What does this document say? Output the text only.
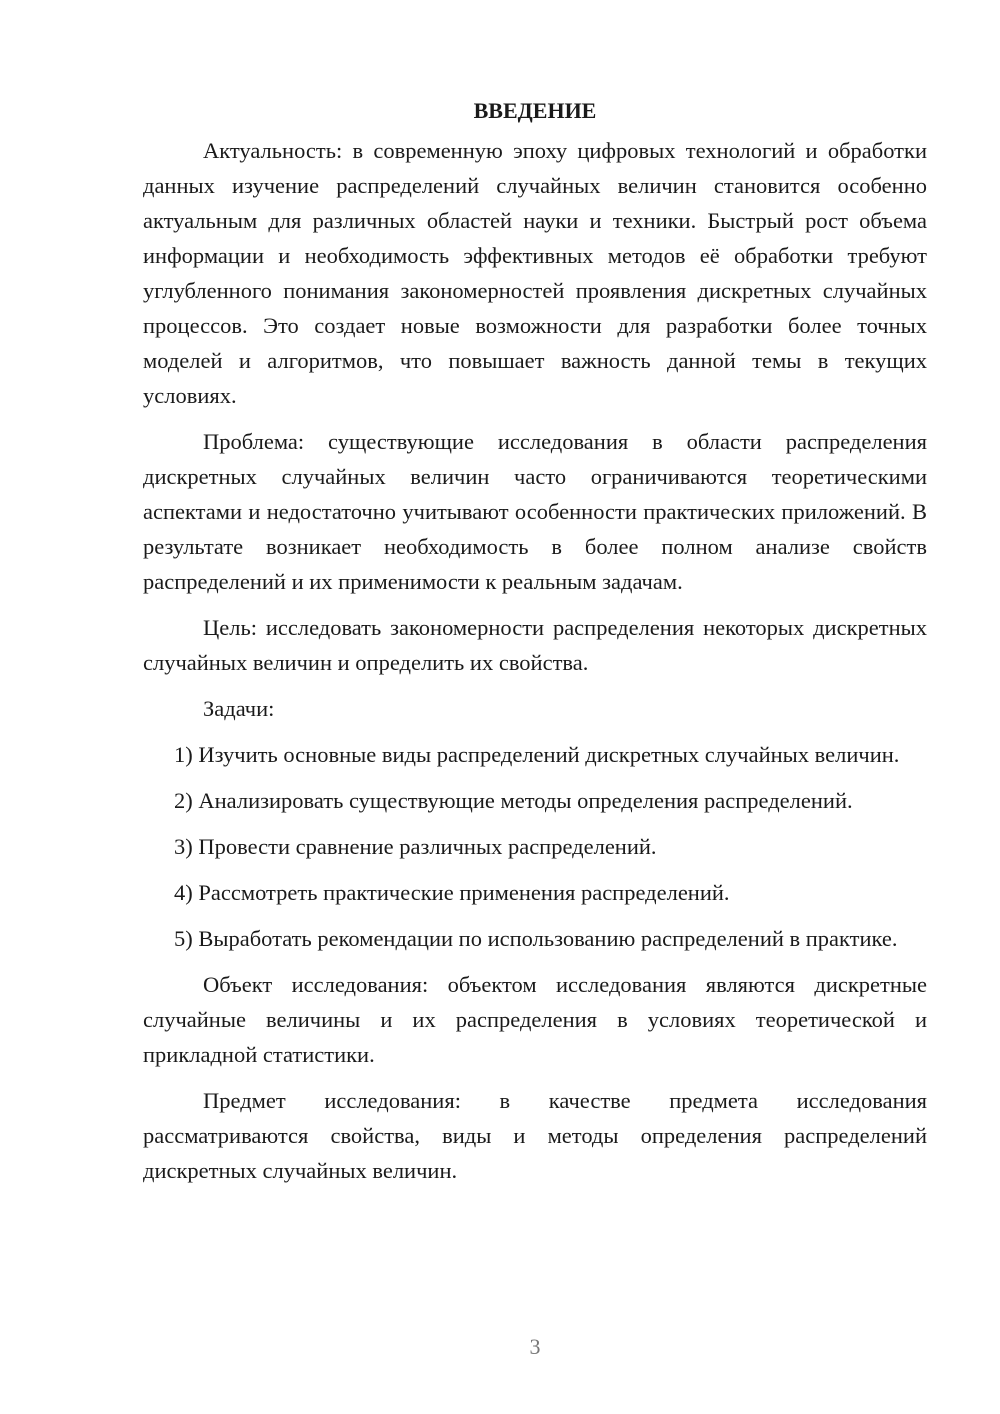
ВВЕДЕНИЕ

Актуальность: в современную эпоху цифровых технологий и обработки данных изучение распределений случайных величин становится особенно актуальным для различных областей науки и техники. Быстрый рост объема информации и необходимость эффективных методов её обработки требуют углубленного понимания закономерностей проявления дискретных случайных процессов. Это создает новые возможности для разработки более точных моделей и алгоритмов, что повышает важность данной темы в текущих условиях.

Проблема: существующие исследования в области распределения дискретных случайных величин часто ограничиваются теоретическими аспектами и недостаточно учитывают особенности практических приложений. В результате возникает необходимость в более полном анализе свойств распределений и их применимости к реальным задачам.

Цель: исследовать закономерности распределения некоторых дискретных случайных величин и определить их свойства.

Задачи:

1) Изучить основные виды распределений дискретных случайных величин.

2) Анализировать существующие методы определения распределений.

3) Провести сравнение различных распределений.

4) Рассмотреть практические применения распределений.

5) Выработать рекомендации по использованию распределений в практике.

Объект исследования: объектом исследования являются дискретные случайные величины и их распределения в условиях теоретической и прикладной статистики.

Предмет исследования: в качестве предмета исследования рассматриваются свойства, виды и методы определения распределений дискретных случайных величин.

3
